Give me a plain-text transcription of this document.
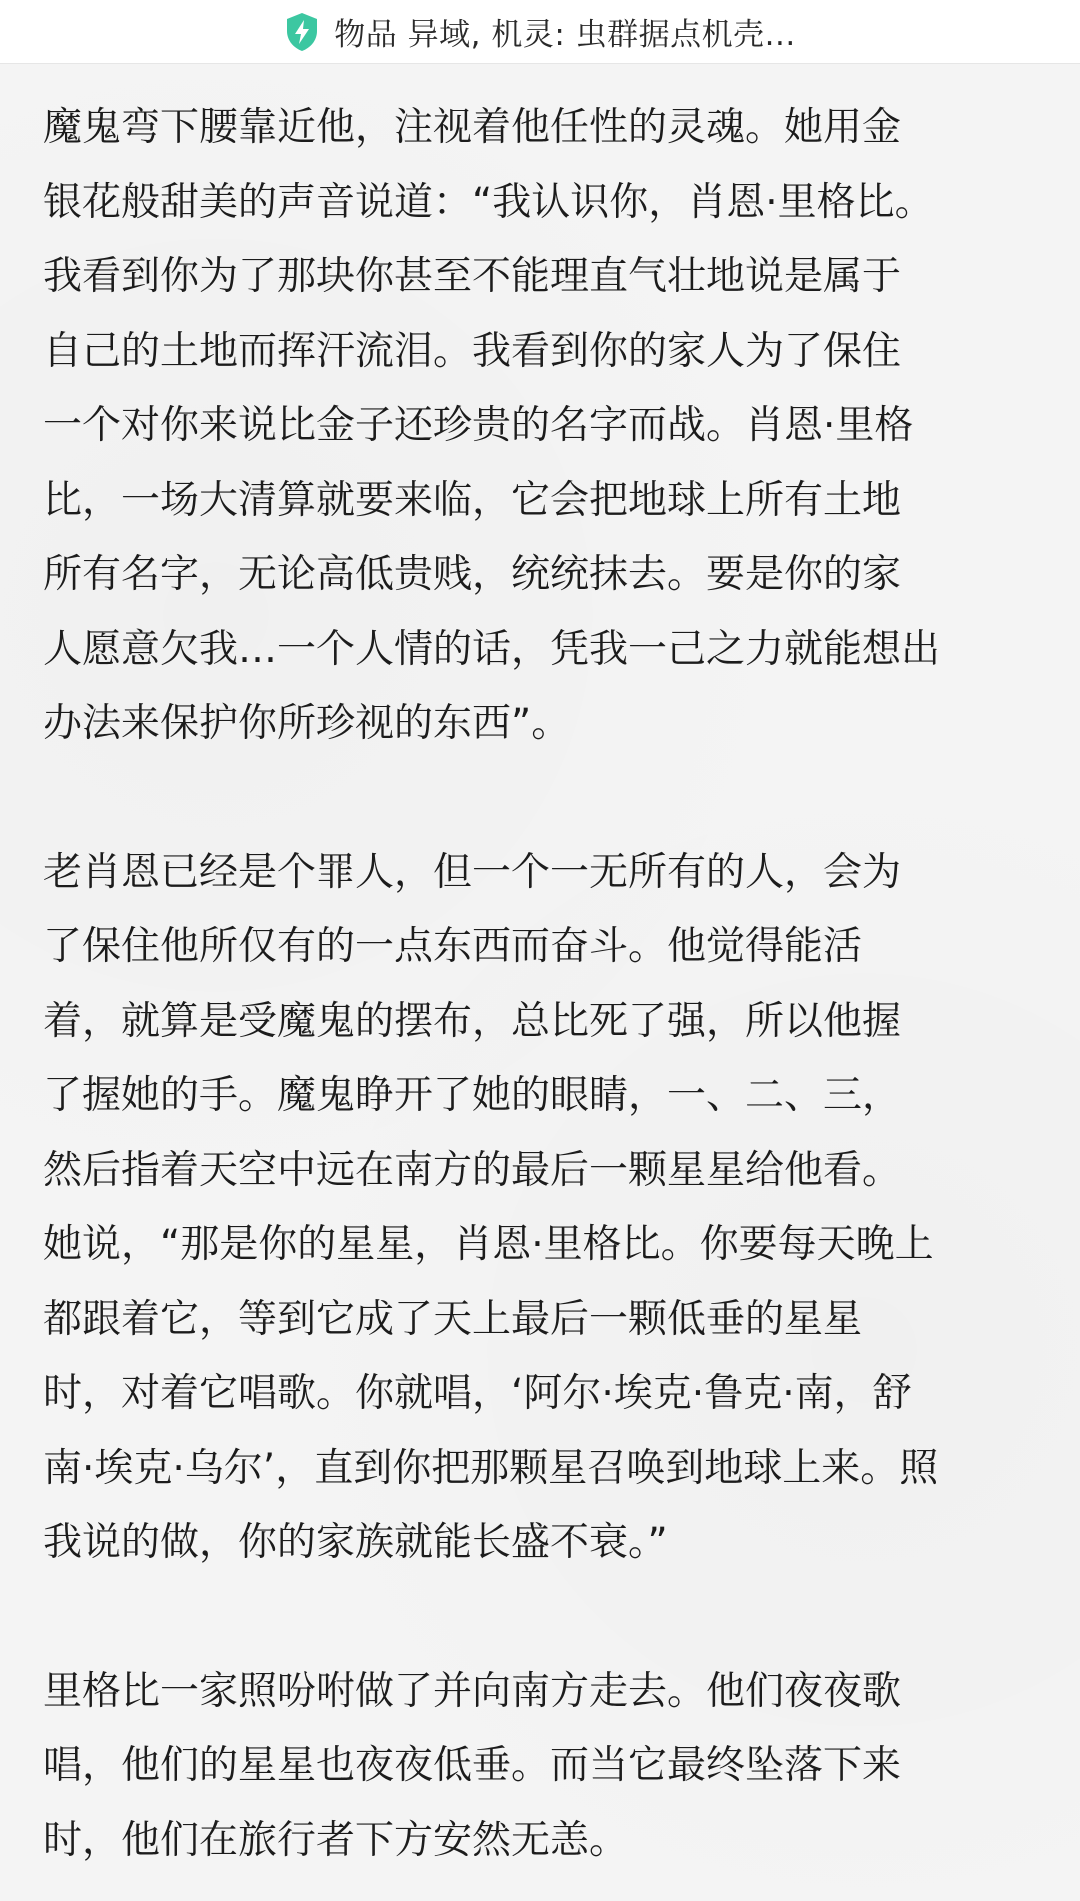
物品 异域, 机灵: 虫群据点机壳...
魔鬼弯下腰靠近他，注视着他任性的灵魂。她用金
银花般甜美的声音说道：“我认识你，肖恩·里格比。
我看到你为了那块你甚至不能理直气壮地说是属于
自己的土地而挥汗流泪。我看到你的家人为了保住
一个对你来说比金子还珍贵的名字而战。肖恩·里格
比，一场大清算就要来临，它会把地球上所有土地
所有名字，无论高低贵贱，统统抹去。要是你的家
人愿意欠我…一个人情的话，凭我一己之力就能想出
办法来保护你所珍视的东西”。
老肖恩已经是个罪人，但一个一无所有的人，会为
了保住他所仅有的一点东西而奋斗。他觉得能活
着，就算是受魔鬼的摆布，总比死了强，所以他握
了握她的手。魔鬼睁开了她的眼睛，一、二、三，
然后指着天空中远在南方的最后一颗星星给他看。
她说，“那是你的星星，肖恩·里格比。你要每天晚上
都跟着它，等到它成了天上最后一颗低垂的星星
时，对着它唱歌。你就唱，‘阿尔·埃克·鲁克·南，舒
南·埃克·乌尔’，直到你把那颗星召唤到地球上来。照
我说的做，你的家族就能长盛不衰。”
里格比一家照吩咐做了并向南方走去。他们夜夜歌
唱，他们的星星也夜夜低垂。而当它最终坠落下来
时，他们在旅行者下方安然无恙。
